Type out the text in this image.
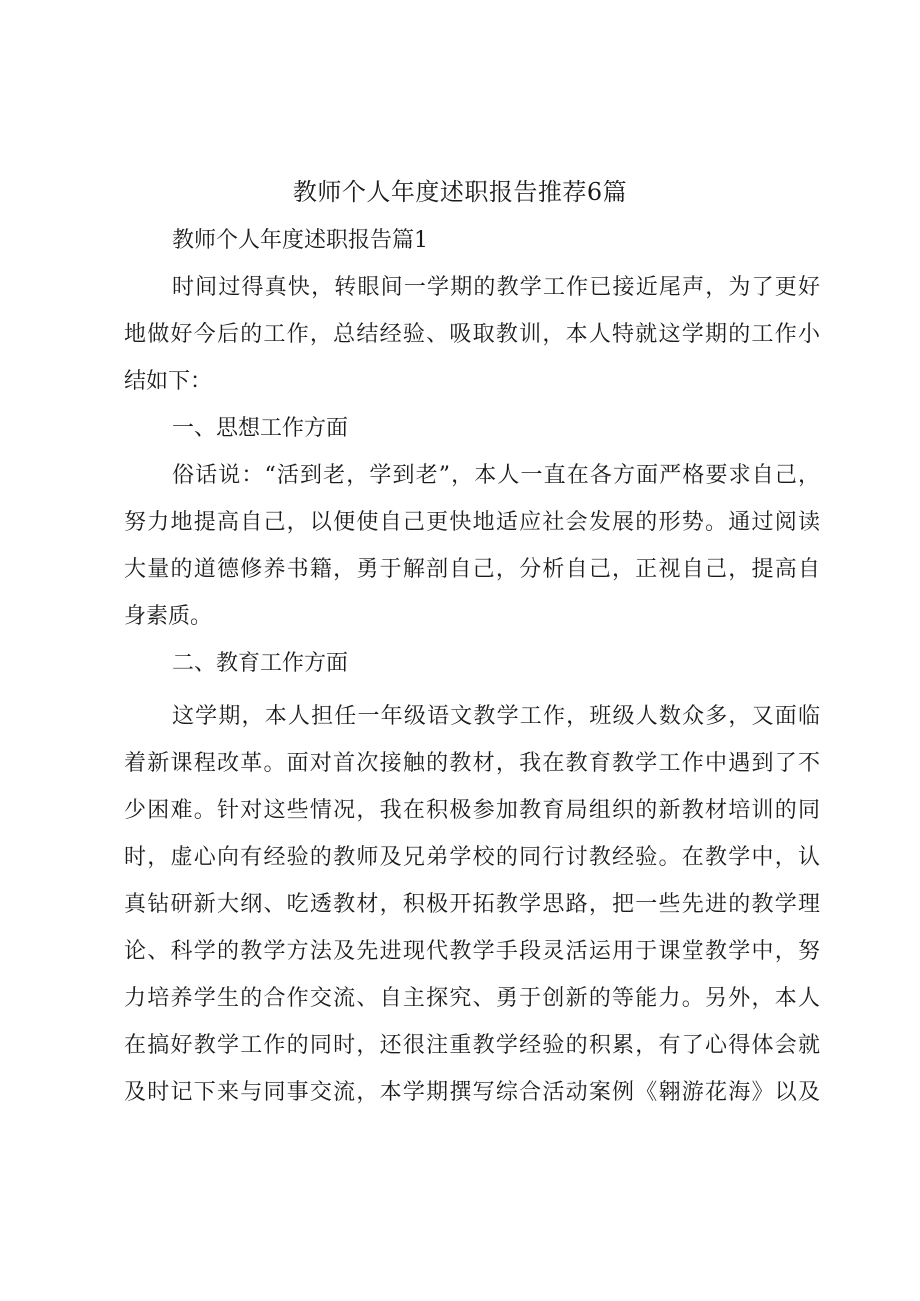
教师个人年度述职报告推荐6篇
教师个人年度述职报告篇1
时间过得真快，转眼间一学期的教学工作已接近尾声，为了更好
地做好今后的工作，总结经验、吸取教训，本人特就这学期的工作小
结如下：
一、思想工作方面
俗话说：“活到老，学到老”，本人一直在各方面严格要求自己，
努力地提高自己，以便使自己更快地适应社会发展的形势。通过阅读
大量的道德修养书籍，勇于解剖自己，分析自己，正视自己，提高自
身素质。
二、教育工作方面
这学期，本人担任一年级语文教学工作，班级人数众多，又面临
着新课程改革。面对首次接触的教材，我在教育教学工作中遇到了不
少困难。针对这些情况，我在积极参加教育局组织的新教材培训的同
时，虚心向有经验的教师及兄弟学校的同行讨教经验。在教学中，认
真钻研新大纲、吃透教材，积极开拓教学思路，把一些先进的教学理
论、科学的教学方法及先进现代教学手段灵活运用于课堂教学中，努
力培养学生的合作交流、自主探究、勇于创新的等能力。另外，本人
在搞好教学工作的同时，还很注重教学经验的积累，有了心得体会就
及时记下来与同事交流，本学期撰写综合活动案例《翱游花海》以及
